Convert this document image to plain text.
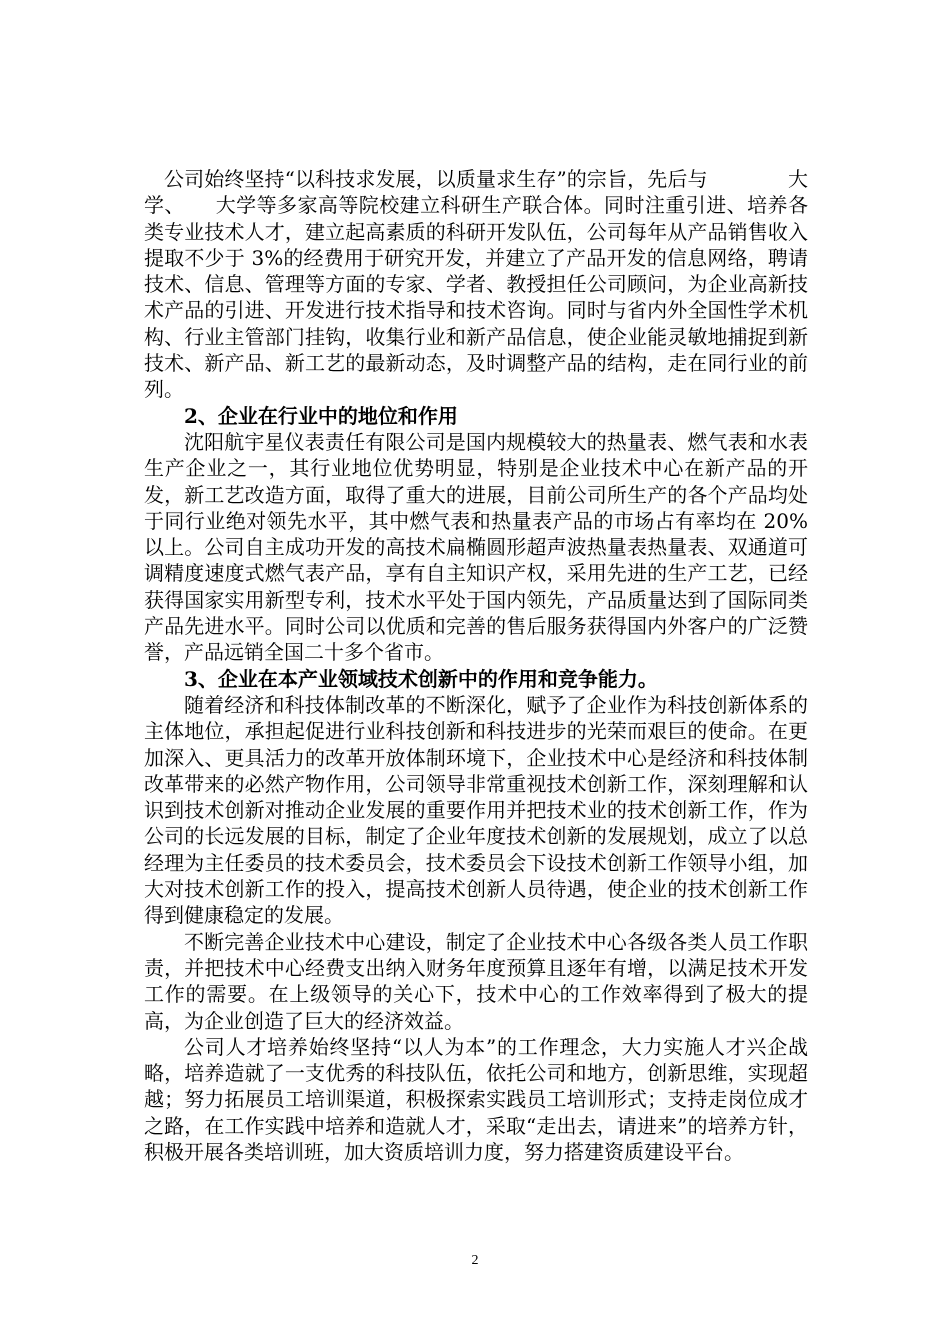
公司始终坚持“以科技求发展，以质量求生存”的宗旨，先后与　　　　大学、　　大学等多家高等院校建立科研生产联合体。同时注重引进、培养各类专业技术人才，建立起高素质的科研开发队伍，公司每年从产品销售收入提取不少于 3%的经费用于研究开发，并建立了产品开发的信息网络，聘请技术、信息、管理等方面的专家、学者、教授担任公司顾问，为企业高新技术产品的引进、开发进行技术指导和技术咨询。同时与省内外全国性学术机构、行业主管部门挂钩，收集行业和新产品信息，使企业能灵敏地捕捉到新技术、新产品、新工艺的最新动态，及时调整产品的结构，走在同行业的前列。

2、企业在行业中的地位和作用

沈阳航宇星仪表责任有限公司是国内规模较大的热量表、燃气表和水表生产企业之一，其行业地位优势明显，特别是企业技术中心在新产品的开发，新工艺改造方面，取得了重大的进展，目前公司所生产的各个产品均处于同行业绝对领先水平，其中燃气表和热量表产品的市场占有率均在 20%以上。公司自主成功开发的高技术扁椭圆形超声波热量表热量表、双通道可调精度速度式燃气表产品，享有自主知识产权，采用先进的生产工艺，已经获得国家实用新型专利，技术水平处于国内领先，产品质量达到了国际同类产品先进水平。同时公司以优质和完善的售后服务获得国内外客户的广泛赞誉，产品远销全国二十多个省市。

3、企业在本产业领域技术创新中的作用和竞争能力。

随着经济和科技体制改革的不断深化，赋予了企业作为科技创新体系的主体地位，承担起促进行业科技创新和科技进步的光荣而艰巨的使命。在更加深入、更具活力的改革开放体制环境下，企业技术中心是经济和科技体制改革带来的必然产物作用，公司领导非常重视技术创新工作，深刻理解和认识到技术创新对推动企业发展的重要作用并把技术业的技术创新工作，作为公司的长远发展的目标，制定了企业年度技术创新的发展规划，成立了以总经理为主任委员的技术委员会，技术委员会下设技术创新工作领导小组，加大对技术创新工作的投入，提高技术创新人员待遇，使企业的技术创新工作得到健康稳定的发展。

不断完善企业技术中心建设，制定了企业技术中心各级各类人员工作职责，并把技术中心经费支出纳入财务年度预算且逐年有增，以满足技术开发工作的需要。在上级领导的关心下，技术中心的工作效率得到了极大的提高，为企业创造了巨大的经济效益。

公司人才培养始终坚持“以人为本”的工作理念，大力实施人才兴企战略，培养造就了一支优秀的科技队伍，依托公司和地方，创新思维，实现超越；努力拓展员工培训渠道，积极探索实践员工培训形式；支持走岗位成才之路，在工作实践中培养和造就人才，采取“走出去，请进来”的培养方针，积极开展各类培训班，加大资质培训力度，努力搭建资质建设平台。

2
